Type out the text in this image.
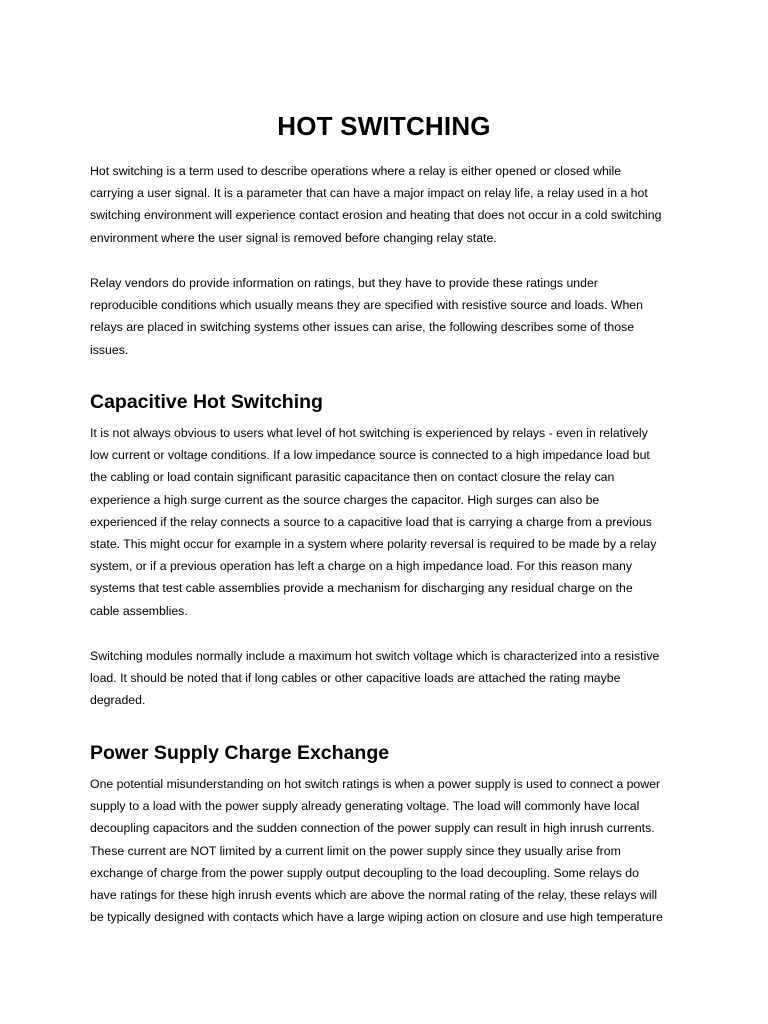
HOT SWITCHING

Hot switching is a term used to describe operations where a relay is either opened or closed while
carrying a user signal. It is a parameter that can have a major impact on relay life, a relay used in a hot
switching environment will experience contact erosion and heating that does not occur in a cold switching
environment where the user signal is removed before changing relay state.

Relay vendors do provide information on ratings, but they have to provide these ratings under
reproducible conditions which usually means they are specified with resistive source and loads. When
relays are placed in switching systems other issues can arise, the following describes some of those
issues.

Capacitive Hot Switching

It is not always obvious to users what level of hot switching is experienced by relays - even in relatively
low current or voltage conditions. If a low impedance source is connected to a high impedance load but
the cabling or load contain significant parasitic capacitance then on contact closure the relay can
experience a high surge current as the source charges the capacitor. High surges can also be
experienced if the relay connects a source to a capacitive load that is carrying a charge from a previous
state. This might occur for example in a system where polarity reversal is required to be made by a relay
system, or if a previous operation has left a charge on a high impedance load. For this reason many
systems that test cable assemblies provide a mechanism for discharging any residual charge on the
cable assemblies.

Switching modules normally include a maximum hot switch voltage which is characterized into a resistive
load. It should be noted that if long cables or other capacitive loads are attached the rating maybe
degraded.

Power Supply Charge Exchange

One potential misunderstanding on hot switch ratings is when a power supply is used to connect a power
supply to a load with the power supply already generating voltage. The load will commonly have local
decoupling capacitors and the sudden connection of the power supply can result in high inrush currents.
These current are NOT limited by a current limit on the power supply since they usually arise from
exchange of charge from the power supply output decoupling to the load decoupling. Some relays do
have ratings for these high inrush events which are above the normal rating of the relay, these relays will
be typically designed with contacts which have a large wiping action on closure and use high temperature
